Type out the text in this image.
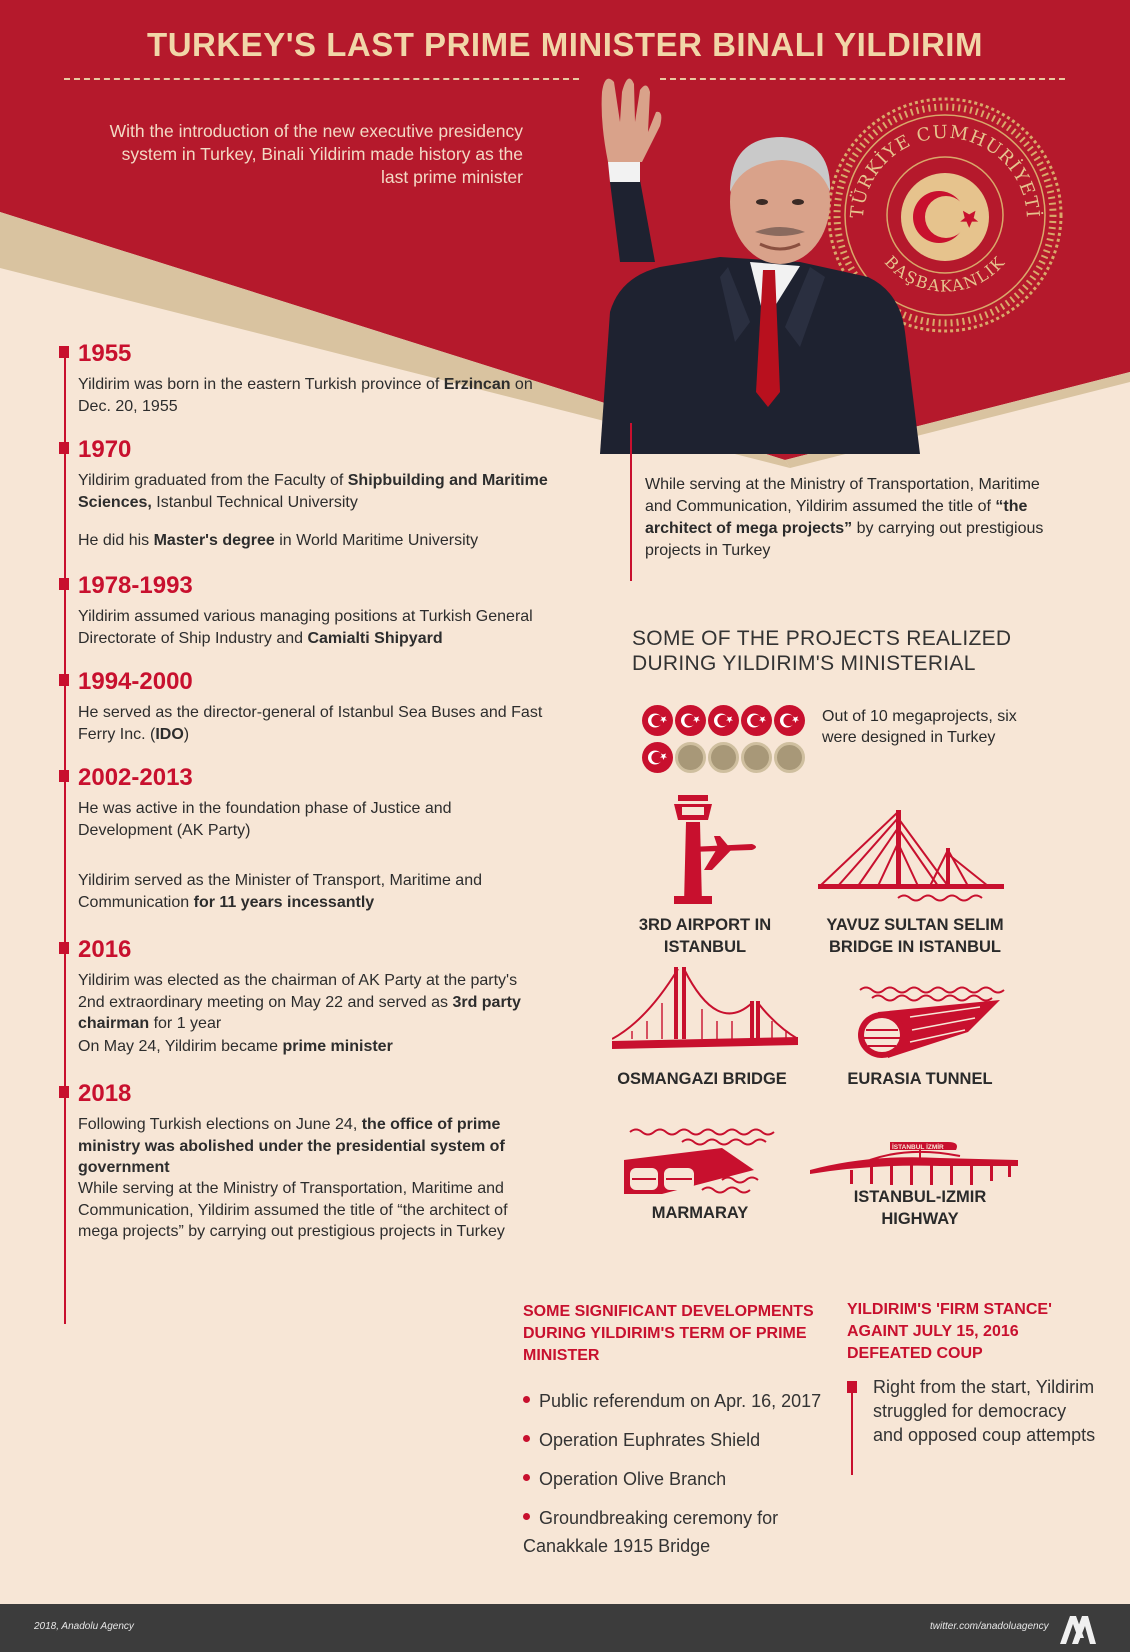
TURKEY'S LAST PRIME MINISTER BINALI YILDIRIM
With the introduction of the new executive presidency system in Turkey, Binali Yildirim made history as the last prime minister
TÜRKİYE CUMHURİYETİ
BAŞBAKANLIK
1955
Yildirim was born in the eastern Turkish province of Erzincan on Dec. 20, 1955
1970
Yildirim graduated from the Faculty of Shipbuilding and Maritime Sciences, Istanbul Technical University
He did his Master's degree in World Maritime University
1978-1993
Yildirim assumed various managing positions at Turkish General Directorate of Ship Industry and Camialti Shipyard
1994-2000
He served as the director-general of Istanbul Sea Buses and Fast Ferry Inc. (IDO)
2002-2013
He was active in the foundation phase of Justice and Development (AK Party)
Yildirim served as the Minister of Transport, Maritime and Communication for 11 years incessantly
2016
Yildirim was elected as the chairman of AK Party at the party's 2nd extraordinary meeting on May 22 and served as 3rd party chairman for 1 year
On May 24, Yildirim became prime minister
2018
Following Turkish elections on June 24, the office of prime ministry was abolished under the presidential system of government
While serving at the Ministry of Transportation, Maritime and Communication, Yildirim assumed the title of “the architect of mega projects” by carrying out prestigious projects in Turkey
While serving at the Ministry of Transportation, Maritime and Communication, Yildirim assumed the title of “the architect of mega projects” by carrying out prestigious projects in Turkey
SOME OF THE PROJECTS REALIZED DURING YILDIRIM'S MINISTERIAL
Out of 10 megaprojects, six were designed in Turkey
3RD AIRPORT IN ISTANBUL
YAVUZ SULTAN SELIM BRIDGE IN ISTANBUL
OSMANGAZI BRIDGE	EURASIA TUNNEL
MARMARAY
İSTANBUL İZMİR
ISTANBUL-IZMIR HIGHWAY
SOME SIGNIFICANT DEVELOPMENTS DURING YILDIRIM'S TERM OF PRIME MINISTER
Public referendum on Apr. 16, 2017
Operation Euphrates Shield
Operation Olive Branch
Groundbreaking ceremony for
Canakkale 1915 Bridge
YILDIRIM'S 'FIRM STANCE' AGAINT JULY 15, 2016 DEFEATED COUP
Right from the start, Yildirim struggled for democracy and opposed coup attempts
2018, Anadolu Agency	twitter.com/anadoluagency
